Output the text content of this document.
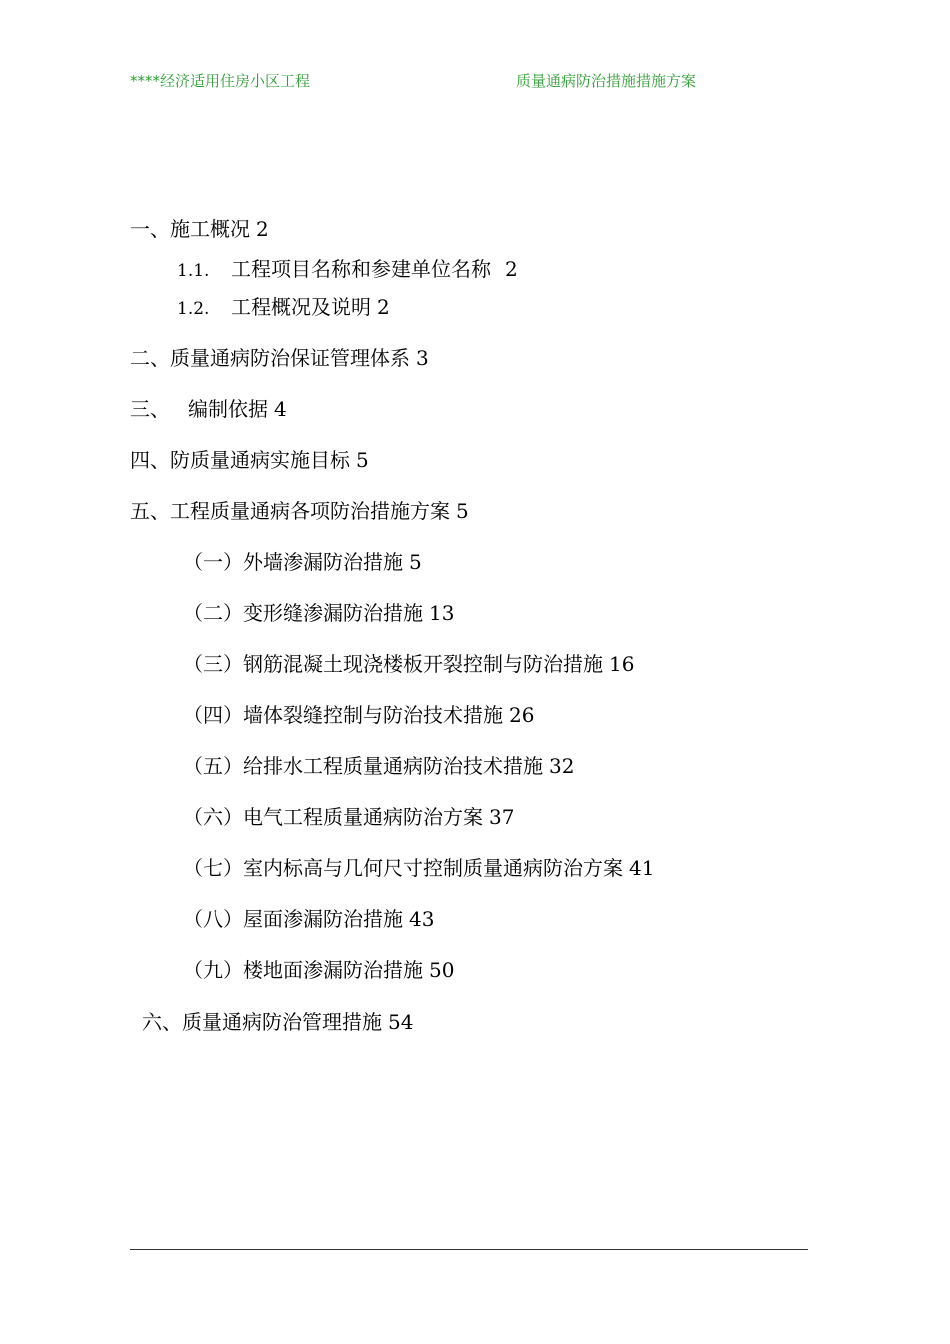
****经济适用住房小区工程	质量通病防治措施措施方案
一、施工概况 2
1.1. 工程项目名称和参建单位名称 2
1.2. 工程概况及说明 2
二、质量通病防治保证管理体系 3
三、 编制依据 4
四、防质量通病实施目标 5
五、工程质量通病各项防治措施方案 5
（一）外墙渗漏防治措施 5
（二）变形缝渗漏防治措施 13
（三）钢筋混凝土现浇楼板开裂控制与防治措施 16
（四）墙体裂缝控制与防治技术措施 26
（五）给排水工程质量通病防治技术措施 32
（六）电气工程质量通病防治方案 37
（七）室内标高与几何尺寸控制质量通病防治方案 41
（八）屋面渗漏防治措施 43
（九）楼地面渗漏防治措施 50
六、质量通病防治管理措施 54
